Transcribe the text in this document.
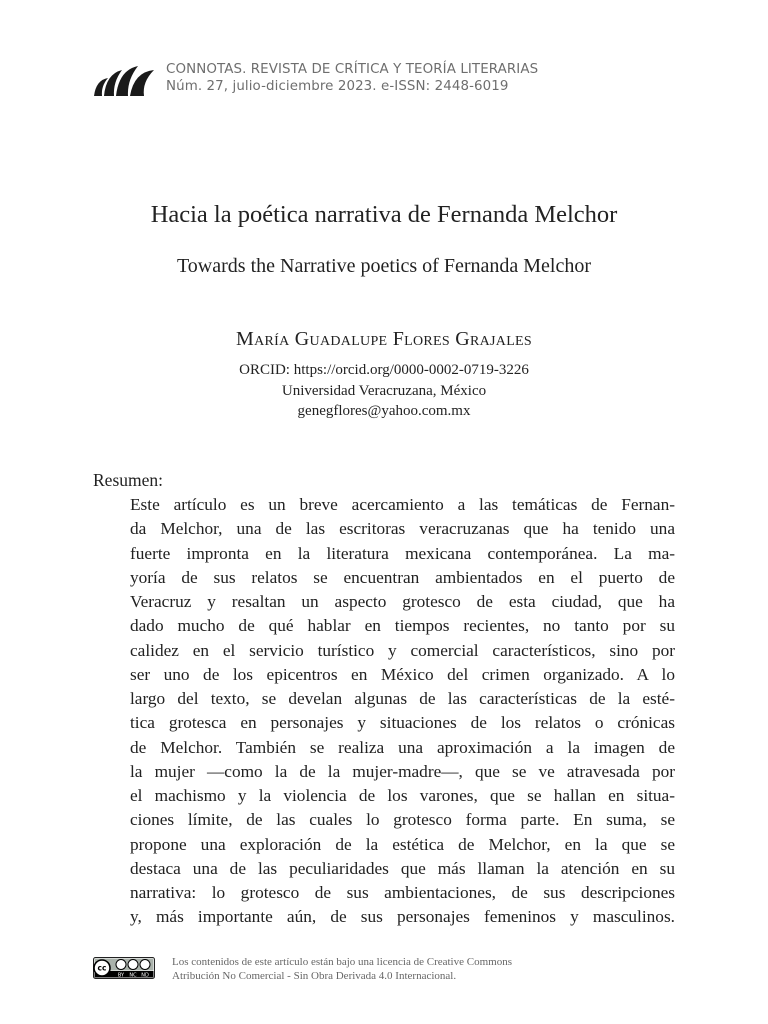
CONNOTAS. REVISTA DE CRÍTICA Y TEORÍA LITERARIAS
Núm. 27, julio-diciembre 2023. e-ISSN: 2448-6019
Hacia la poética narrativa de Fernanda Melchor
Towards the Narrative poetics of Fernanda Melchor
María Guadalupe Flores Grajales
ORCID: https://orcid.org/0000-0002-0719-3226
Universidad Veracruzana, México
genegflores@yahoo.com.mx
Resumen:
Este artículo es un breve acercamiento a las temáticas de Fernan-
da Melchor, una de las escritoras veracruzanas que ha tenido una
fuerte impronta en la literatura mexicana contemporánea. La ma-
yoría de sus relatos se encuentran ambientados en el puerto de
Veracruz y resaltan un aspecto grotesco de esta ciudad, que ha
dado mucho de qué hablar en tiempos recientes, no tanto por su
calidez en el servicio turístico y comercial característicos, sino por
ser uno de los epicentros en México del crimen organizado. A lo
largo del texto, se develan algunas de las características de la esté-
tica grotesca en personajes y situaciones de los relatos o crónicas
de Melchor. También se realiza una aproximación a la imagen de
la mujer —como la de la mujer-madre—, que se ve atravesada por
el machismo y la violencia de los varones, que se hallan en situa-
ciones límite, de las cuales lo grotesco forma parte. En suma, se
propone una exploración de la estética de Melchor, en la que se
destaca una de las peculiaridades que más llaman la atención en su
narrativa: lo grotesco de sus ambientaciones, de sus descripciones
y, más importante aún, de sus personajes femeninos y masculinos.
cc
BY NC ND
Los contenidos de este artículo están bajo una licencia de Creative Commons
Atribución No Comercial - Sin Obra Derivada 4.0 Internacional.
